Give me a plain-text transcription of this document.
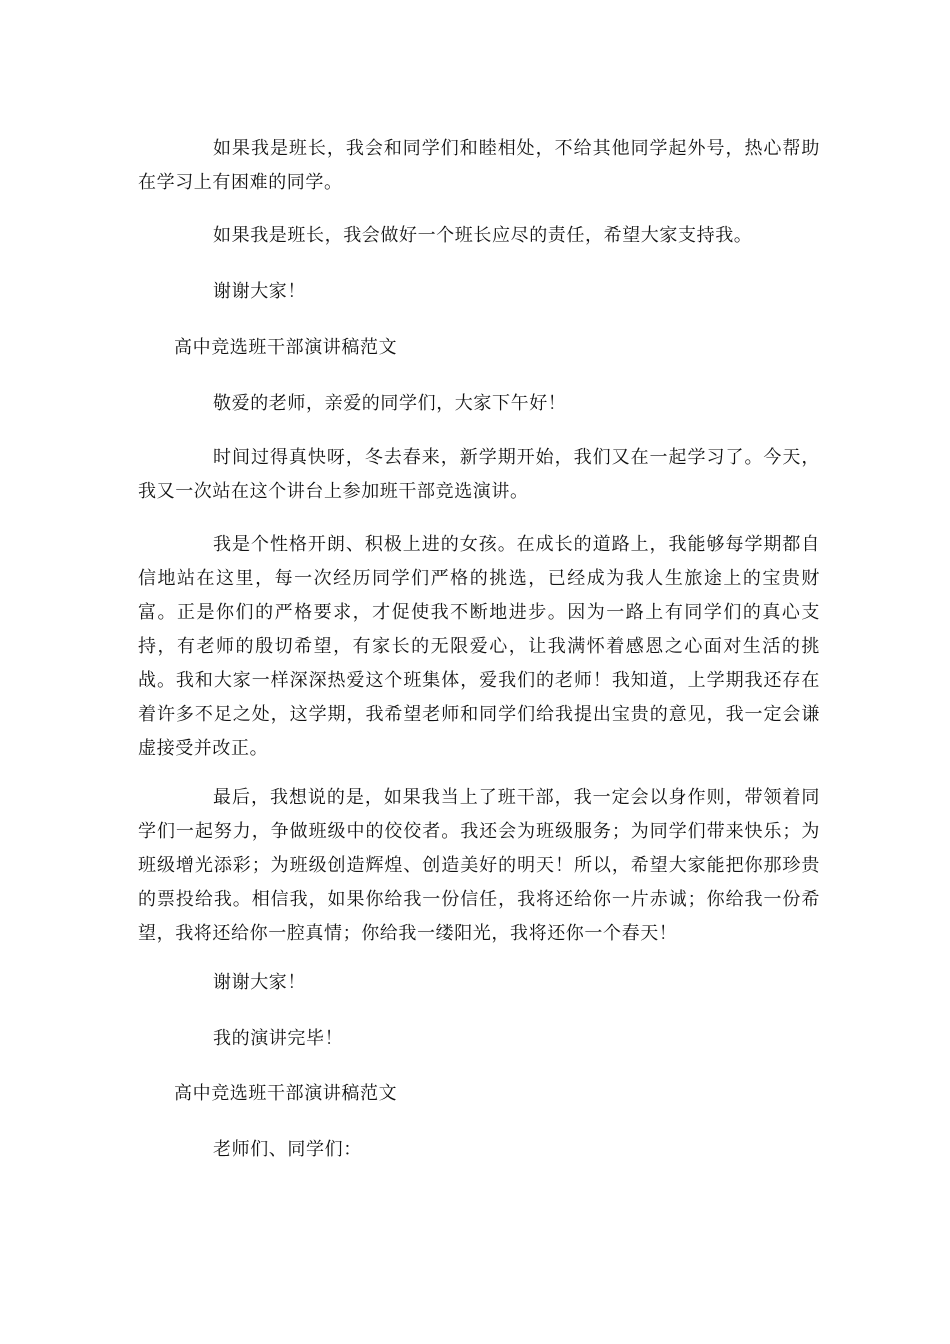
如果我是班长，我会和同学们和睦相处，不给其他同学起外号，热心帮助在学习上有困难的同学。

如果我是班长，我会做好一个班长应尽的责任，希望大家支持我。

谢谢大家！

高中竞选班干部演讲稿范文

敬爱的老师，亲爱的同学们，大家下午好！

时间过得真快呀，冬去春来，新学期开始，我们又在一起学习了。今天，我又一次站在这个讲台上参加班干部竞选演讲。

我是个性格开朗、积极上进的女孩。在成长的道路上，我能够每学期都自信地站在这里，每一次经历同学们严格的挑选，已经成为我人生旅途上的宝贵财富。正是你们的严格要求，才促使我不断地进步。因为一路上有同学们的真心支持，有老师的殷切希望，有家长的无限爱心，让我满怀着感恩之心面对生活的挑战。我和大家一样深深热爱这个班集体，爱我们的老师！我知道，上学期我还存在着许多不足之处，这学期，我希望老师和同学们给我提出宝贵的意见，我一定会谦虚接受并改正。

最后，我想说的是，如果我当上了班干部，我一定会以身作则，带领着同学们一起努力，争做班级中的佼佼者。我还会为班级服务；为同学们带来快乐；为班级增光添彩；为班级创造辉煌、创造美好的明天！所以，希望大家能把你那珍贵的票投给我。相信我，如果你给我一份信任，我将还给你一片赤诚；你给我一份希望，我将还给你一腔真情；你给我一缕阳光，我将还你一个春天！

谢谢大家！

我的演讲完毕！

高中竞选班干部演讲稿范文

老师们、同学们：
